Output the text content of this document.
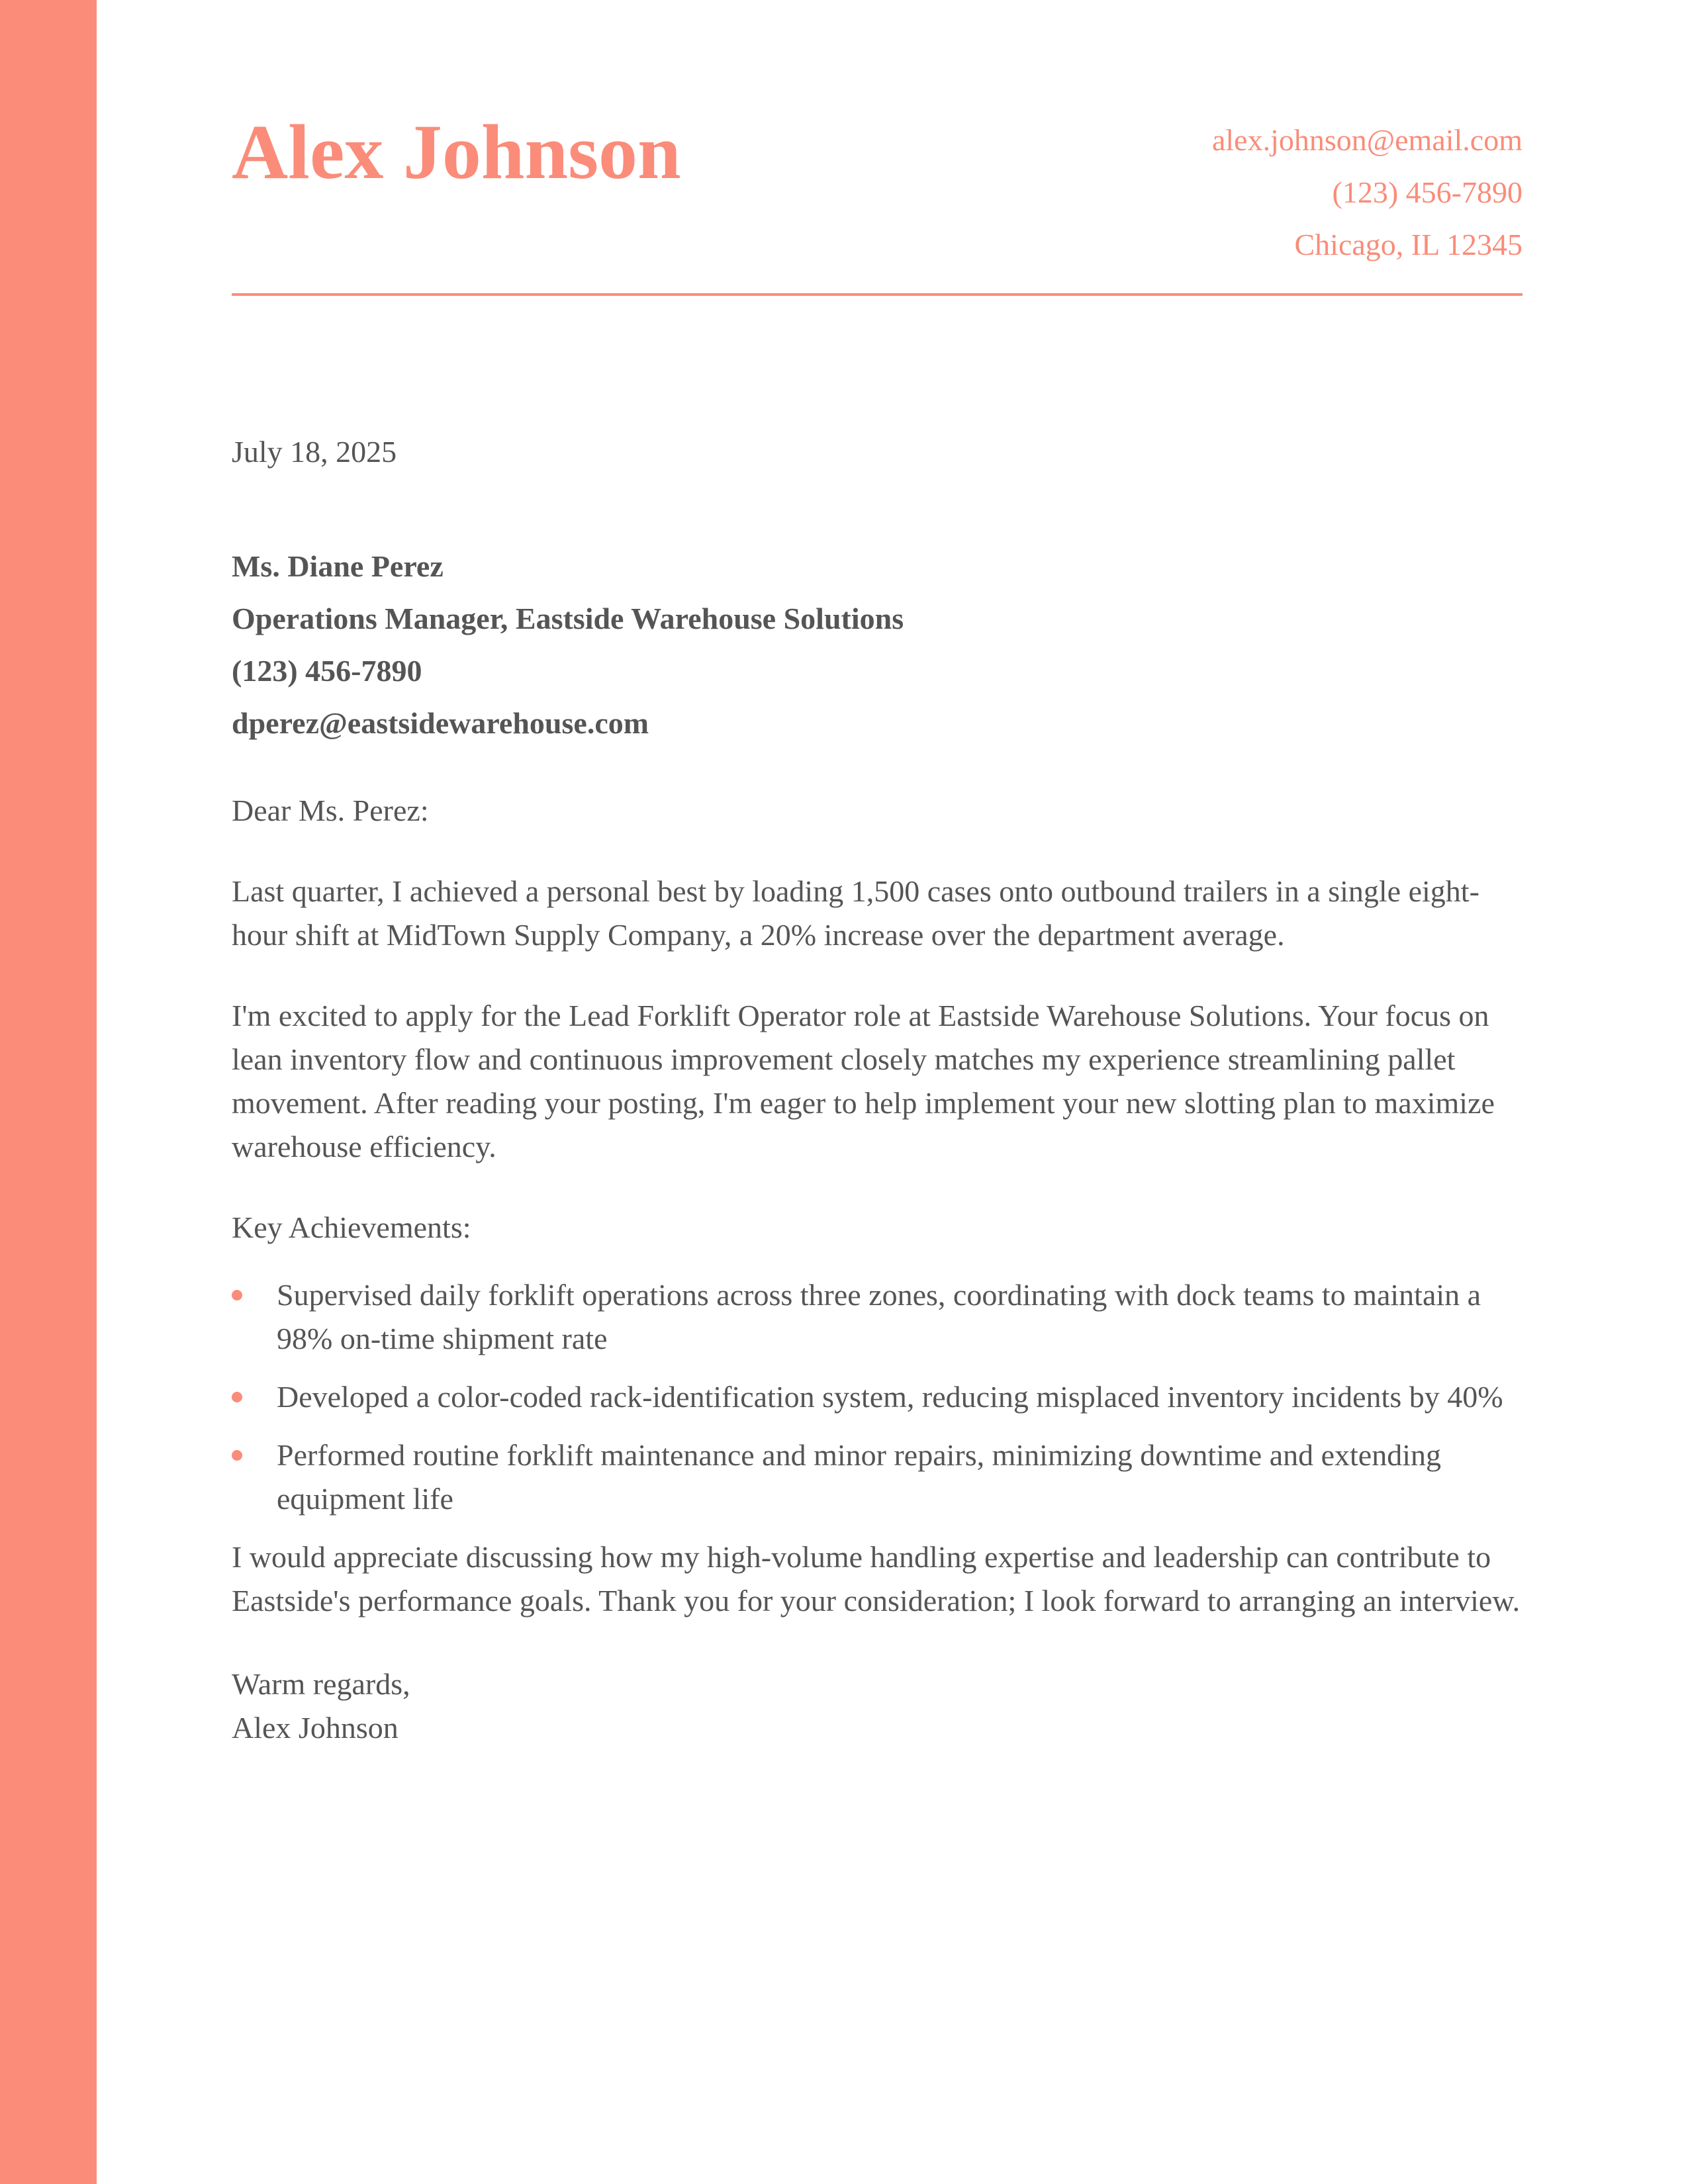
Alex Johnson	alex.johnson@email.com
(123) 456-7890
Chicago, IL 12345

July 18, 2025

Ms. Diane Perez
Operations Manager, Eastside Warehouse Solutions
(123) 456-7890
dperez@eastsidewarehouse.com

Dear Ms. Perez:

Last quarter, I achieved a personal best by loading 1,500 cases onto outbound trailers in a single eight-hour shift at MidTown Supply Company, a 20% increase over the department average.

I'm excited to apply for the Lead Forklift Operator role at Eastside Warehouse Solutions. Your focus on lean inventory flow and continuous improvement closely matches my experience streamlining pallet movement. After reading your posting, I'm eager to help implement your new slotting plan to maximize warehouse efficiency.

Key Achievements:

Supervised daily forklift operations across three zones, coordinating with dock teams to maintain a 98% on-time shipment rate
Developed a color-coded rack-identification system, reducing misplaced inventory incidents by 40%
Performed routine forklift maintenance and minor repairs, minimizing downtime and extending equipment life

I would appreciate discussing how my high-volume handling expertise and leadership can contribute to Eastside's performance goals. Thank you for your consideration; I look forward to arranging an interview.

Warm regards,
Alex Johnson
